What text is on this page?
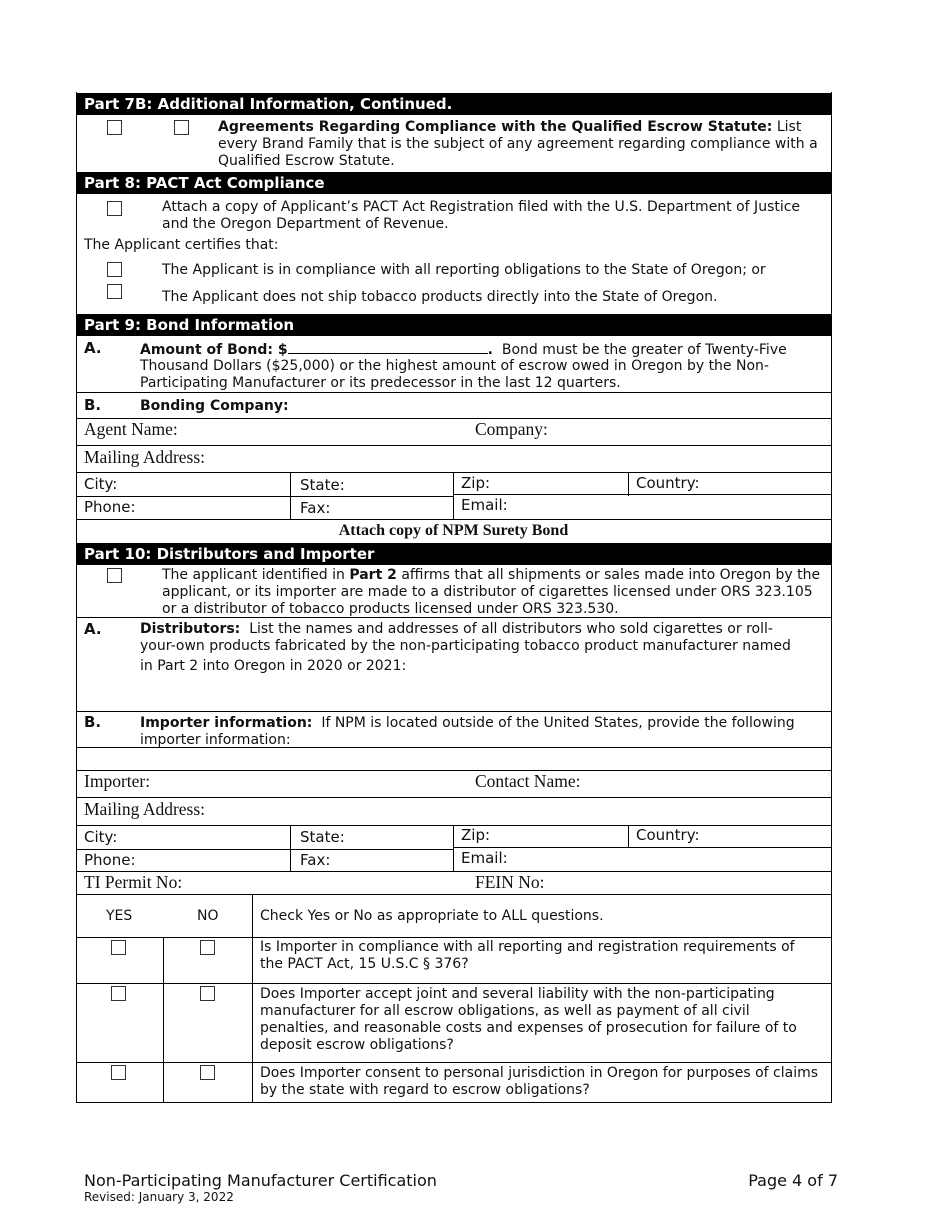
Part 7B: Additional Information, Continued.
Agreements Regarding Compliance with the Qualified Escrow Statute: List
every Brand Family that is the subject of any agreement regarding compliance with a
Qualified Escrow Statute.
Part 8: PACT Act Compliance
Attach a copy of Applicant’s PACT Act Registration filed with the U.S. Department of Justice
and the Oregon Department of Revenue.
The Applicant certifies that:
The Applicant is in compliance with all reporting obligations to the State of Oregon; or
The Applicant does not ship tobacco products directly into the State of Oregon.
Part 9: Bond Information
A.	Amount of Bond: $	. Bond must be the greater of Twenty-Five
Thousand Dollars ($25,000) or the highest amount of escrow owed in Oregon by the Non-
Participating Manufacturer or its predecessor in the last 12 quarters.
B.	Bonding Company:
Agent Name:	Company:
Mailing Address:
City:	State:	Zip:	Country:
Phone:	Fax:	Email:
Attach copy of NPM Surety Bond
Part 10: Distributors and Importer
The applicant identified in Part 2 affirms that all shipments or sales made into Oregon by the
applicant, or its importer are made to a distributor of cigarettes licensed under ORS 323.105
or a distributor of tobacco products licensed under ORS 323.530.
A.	Distributors: List the names and addresses of all distributors who sold cigarettes or roll-
your-own products fabricated by the non-participating tobacco product manufacturer named
in Part 2 into Oregon in 2020 or 2021:
B.	Importer information: If NPM is located outside of the United States, provide the following
importer information:
Importer:	Contact Name:
Mailing Address:
City:	State:	Zip:	Country:
Phone:	Fax:	Email:
TI Permit No:	FEIN No:
YES	NO	Check Yes or No as appropriate to ALL questions.
Is Importer in compliance with all reporting and registration requirements of
the PACT Act, 15 U.S.C § 376?
Does Importer accept joint and several liability with the non-participating
manufacturer for all escrow obligations, as well as payment of all civil
penalties, and reasonable costs and expenses of prosecution for failure of to
deposit escrow obligations?
Does Importer consent to personal jurisdiction in Oregon for purposes of claims
by the state with regard to escrow obligations?
Non-Participating Manufacturer Certification
Revised: January 3, 2022
Page 4 of 7
